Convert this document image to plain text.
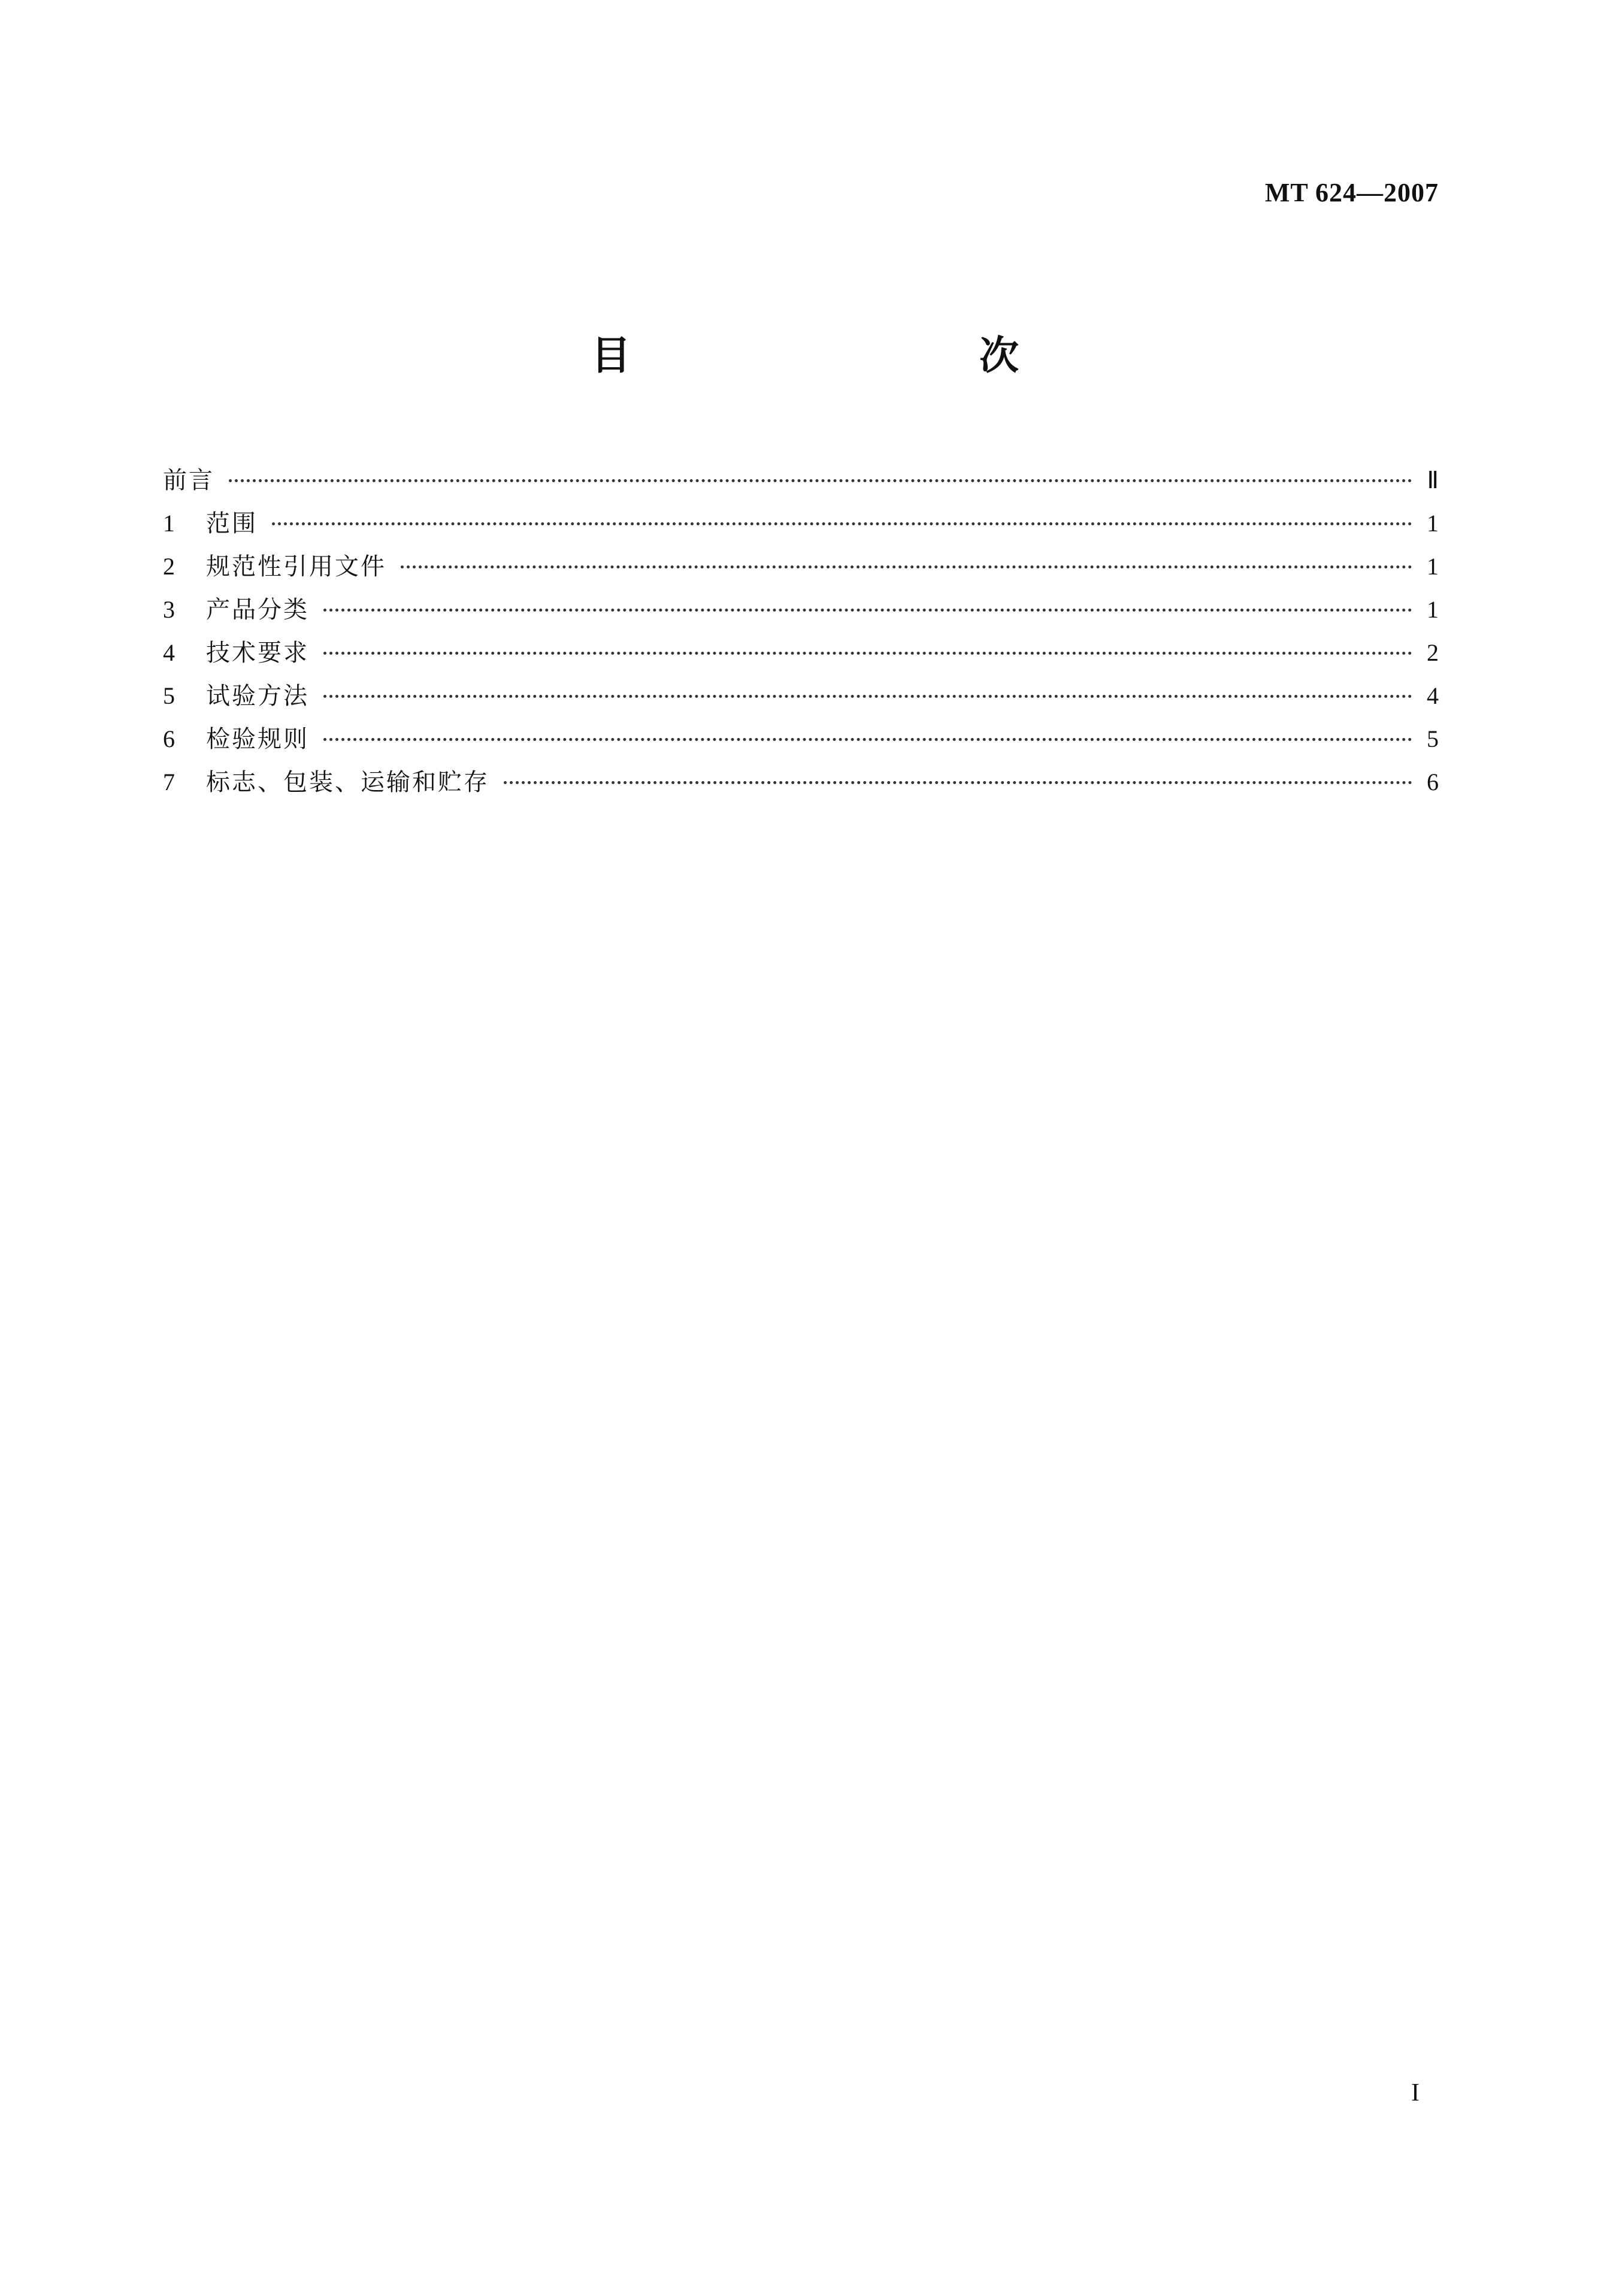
MT 624—2007
目　　次
前言	Ⅱ
1	范围	1
2	规范性引用文件	1
3	产品分类	1
4	技术要求	2
5	试验方法	4
6	检验规则	5
7	标志、包装、运输和贮存	6
I
